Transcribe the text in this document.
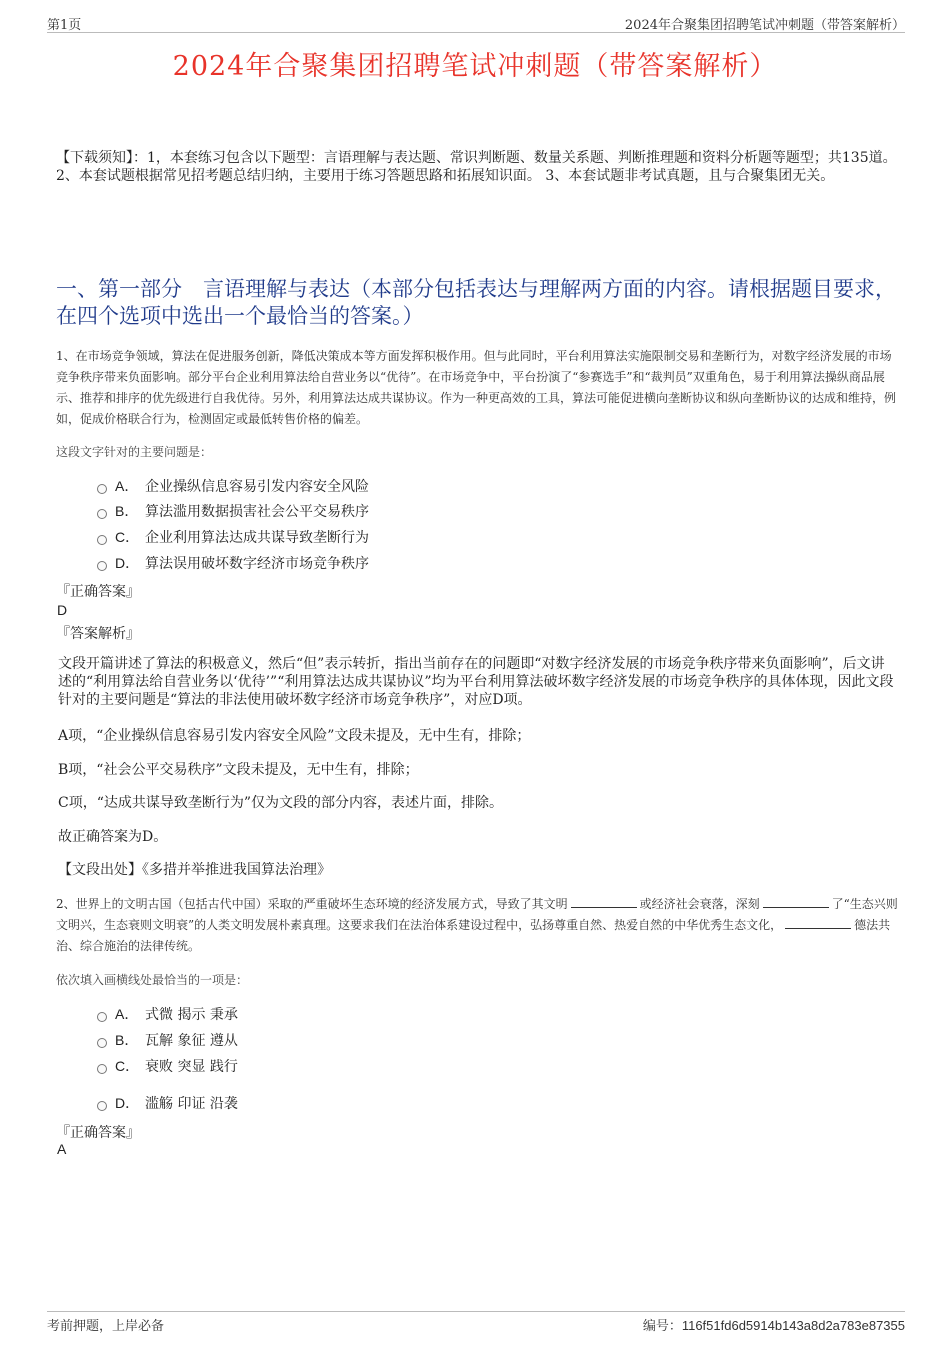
第1页	2024年合聚集团招聘笔试冲刺题（带答案解析）
2024年合聚集团招聘笔试冲刺题（带答案解析）
【下载须知】：1，本套练习包含以下题型：言语理解与表达题、常识判断题、数量关系题、判断推理题和资料分析题等题型；共135道。 2、本套试题根据常见招考题总结归纳，主要用于练习答题思路和拓展知识面。 3、本套试题非考试真题，且与合聚集团无关。
一、第一部分　言语理解与表达（本部分包括表达与理解两方面的内容。请根据题目要求，在四个选项中选出一个最恰当的答案。）
1、在市场竞争领域，算法在促进服务创新，降低决策成本等方面发挥积极作用。但与此同时，平台利用算法实施限制交易和垄断行为，对数字经济发展的市场竞争秩序带来负面影响。部分平台企业利用算法给自营业务以“优待”。在市场竞争中，平台扮演了“参赛选手”和“裁判员”双重角色，易于利用算法操纵商品展示、推荐和排序的优先级进行自我优待。另外，利用算法达成共谋协议。作为一种更高效的工具，算法可能促进横向垄断协议和纵向垄断协议的达成和维持，例如，促成价格联合行为，检测固定或最低转售价格的偏差。
这段文字针对的主要问题是：
A． 企业操纵信息容易引发内容安全风险
B． 算法滥用数据损害社会公平交易秩序
C． 企业利用算法达成共谋导致垄断行为
D． 算法误用破坏数字经济市场竞争秩序
『正确答案』
D
『答案解析』
文段开篇讲述了算法的积极意义，然后“但”表示转折，指出当前存在的问题即“对数字经济发展的市场竞争秩序带来负面影响”，后文讲述的“利用算法给自营业务以‘优待’”“利用算法达成共谋协议”均为平台利用算法破坏数字经济发展的市场竞争秩序的具体体现，因此文段针对的主要问题是“算法的非法使用破坏数字经济市场竞争秩序”，对应D项。
A项，“企业操纵信息容易引发内容安全风险”文段未提及，无中生有，排除；
B项，“社会公平交易秩序”文段未提及，无中生有，排除；
C项，“达成共谋导致垄断行为”仅为文段的部分内容，表述片面，排除。
故正确答案为D。
【文段出处】《多措并举推进我国算法治理》
2、世界上的文明古国（包括古代中国）采取的严重破坏生态环境的经济发展方式，导致了其文明	或经济社会衰落，深刻	了“生态兴则文明兴，生态衰则文明衰”的人类文明发展朴素真理。这要求我们在法治体系建设过程中，弘扬尊重自然、热爱自然的中华优秀生态文化，	德法共治、综合施治的法律传统。
依次填入画横线处最恰当的一项是：
A． 式微 揭示 秉承
B． 瓦解 象征 遵从
C． 衰败 突显 践行
D． 滥觞 印证 沿袭
『正确答案』
A
考前押题，上岸必备	编号：116f51fd6d5914b143a8d2a783e87355
